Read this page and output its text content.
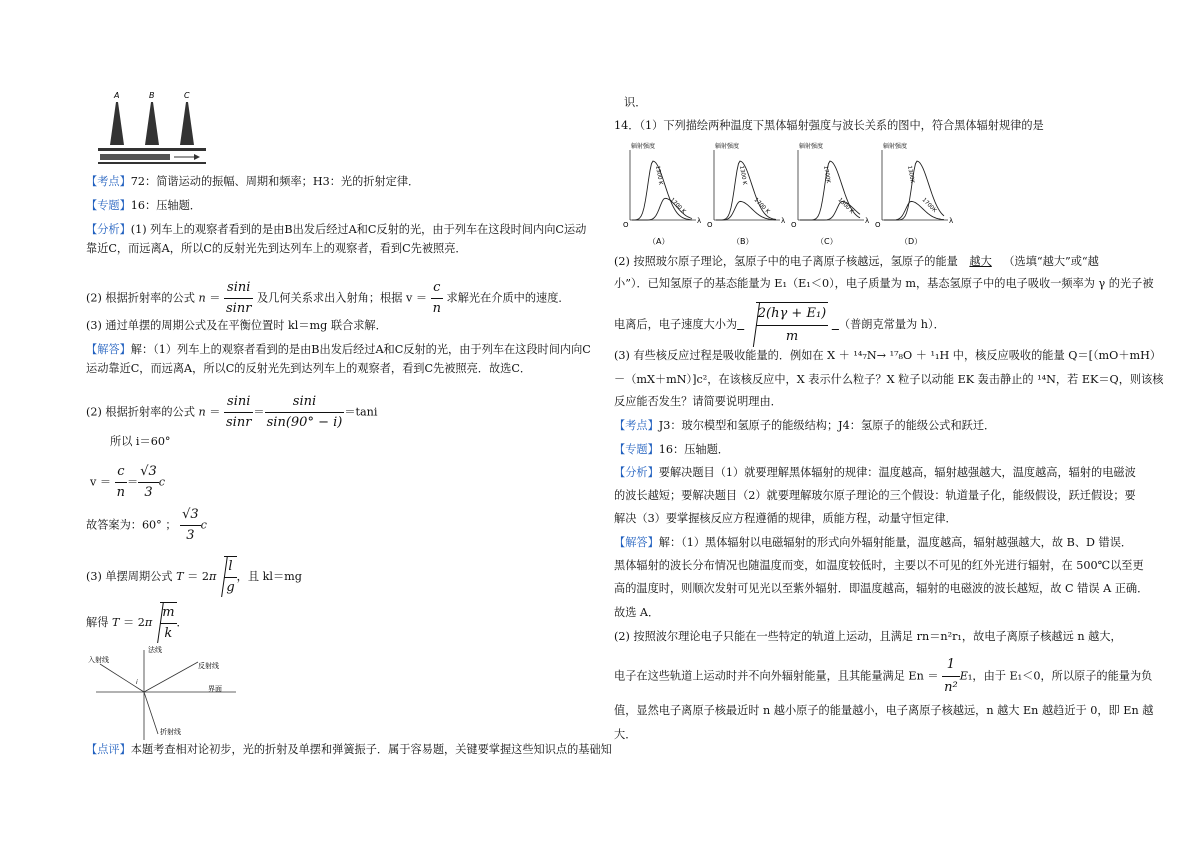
A	B	C
【考点】72：简谐运动的振幅、周期和频率；H3：光的折射定律．
【专题】16：压轴题．
【分析】(1) 列车上的观察者看到的是由B出发后经过A和C反射的光，由于列车在这段时间内向C运动
靠近C，而远离A，所以C的反射光先到达列车上的观察者，看到C先被照亮．
(2) 根据折射率的公式 $n = \frac{\sin i}{\sin r}$ 及几何关系求出入射角；根据 $v = \frac{c}{n}$ 求解光在介质中的速度．
(3) 通过单摆的周期公式及在平衡位置时 kl＝mg 联合求解．
【解答】解：（1）列车上的观察者看到的是由B出发后经过A和C反射的光，由于列车在这段时间内向C
运动靠近C，而远离A，所以C的反射光先到达列车上的观察者，看到C先被照亮．故选C．
(2) 根据折射率的公式 $n = \frac{\sin i}{\sin r} = \frac{\sin i}{\sin(90^\circ - i)} =\tan i$
所以 i＝60°
$v = \frac{c}{n} = \frac{√3}{3}$ c
故答案为：60° ； $\frac{√3}{3}$ c
(3) 单摆周期公式 $T = 2\pi \frac{l}{g}$ ，且 kl＝mg
解得 $T = 2\pi \frac{m}{k}$ ．
法线
入射线
反射线
界面
折射线
i
【点评】本题考查相对论初步，光的折射及单摆和弹簧振子．属于容易题，关键要掌握这些知识点的基础知
识．
14．（1）下列描绘两种温度下黑体辐射强度与波长关系的图中，符合黑体辐射规律的是
辐射强度
λ
O
1300 K
1700 K
（A）
辐射强度
λ
O
1300 K
1700 K
（B）
辐射强度
λ
O
1700K
1300 K
（C）
辐射强度
λ
O
1300K
1700K
（D）
(2) 按照玻尔原子理论，氢原子中的电子离原子核越远，氢原子的能量 越大 （选填“越大”或“越
小”）．已知氢原子的基态能量为 E₁（E₁＜0），电子质量为 m，基态氢原子中的电子吸收一频率为 γ 的光子被
电离后，电子速度大小为 $\frac{\text{2(hγ + E₁)}}{m}$ （普朗克常量为 h）．
(3) 有些核反应过程是吸收能量的．例如在 X ＋ ¹⁴₇N→ ¹⁷₈O ＋ ¹₁H 中，核反应吸收的能量 Q＝[（mO＋mH）
－（mX＋mN）]c²，在该核反应中，X 表示什么粒子？X 粒子以动能 EK 轰击静止的 ¹⁴N，若 EK＝Q，则该核
反应能否发生？请简要说明理由．
【考点】J3：玻尔模型和氢原子的能级结构；J4：氢原子的能级公式和跃迁．
【专题】16：压轴题．
【分析】要解决题目（1）就要理解黑体辐射的规律：温度越高，辐射越强越大，温度越高，辐射的电磁波
的波长越短；要解决题目（2）就要理解玻尔原子理论的三个假设：轨道量子化，能级假设，跃迁假设；要
解决（3）要掌握核反应方程遵循的规律，质能方程，动量守恒定律．
【解答】解：（1）黑体辐射以电磁辐射的形式向外辐射能量，温度越高，辐射越强越大，故 B、D 错误．
黑体辐射的波长分布情况也随温度而变，如温度较低时，主要以不可见的红外光进行辐射，在 500℃以至更
高的温度时，则顺次发射可见光以至紫外辐射．即温度越高，辐射的电磁波的波长越短，故 C 错误 A 正确．
故选 A．
(2) 按照波尔理论电子只能在一些特定的轨道上运动，且满足 rn＝n²r₁，故电子离原子核越远 n 越大，
电子在这些轨道上运动时并不向外辐射能量，且其能量满足 $En = \frac{1}{\text{n²}} E_1$，由于 E₁＜0，所以原子的能量为负
值，显然电子离原子核最近时 n 越小原子的能量越小，电子离原子核越远，n 越大 En 越趋近于 0，即 En 越
大．
